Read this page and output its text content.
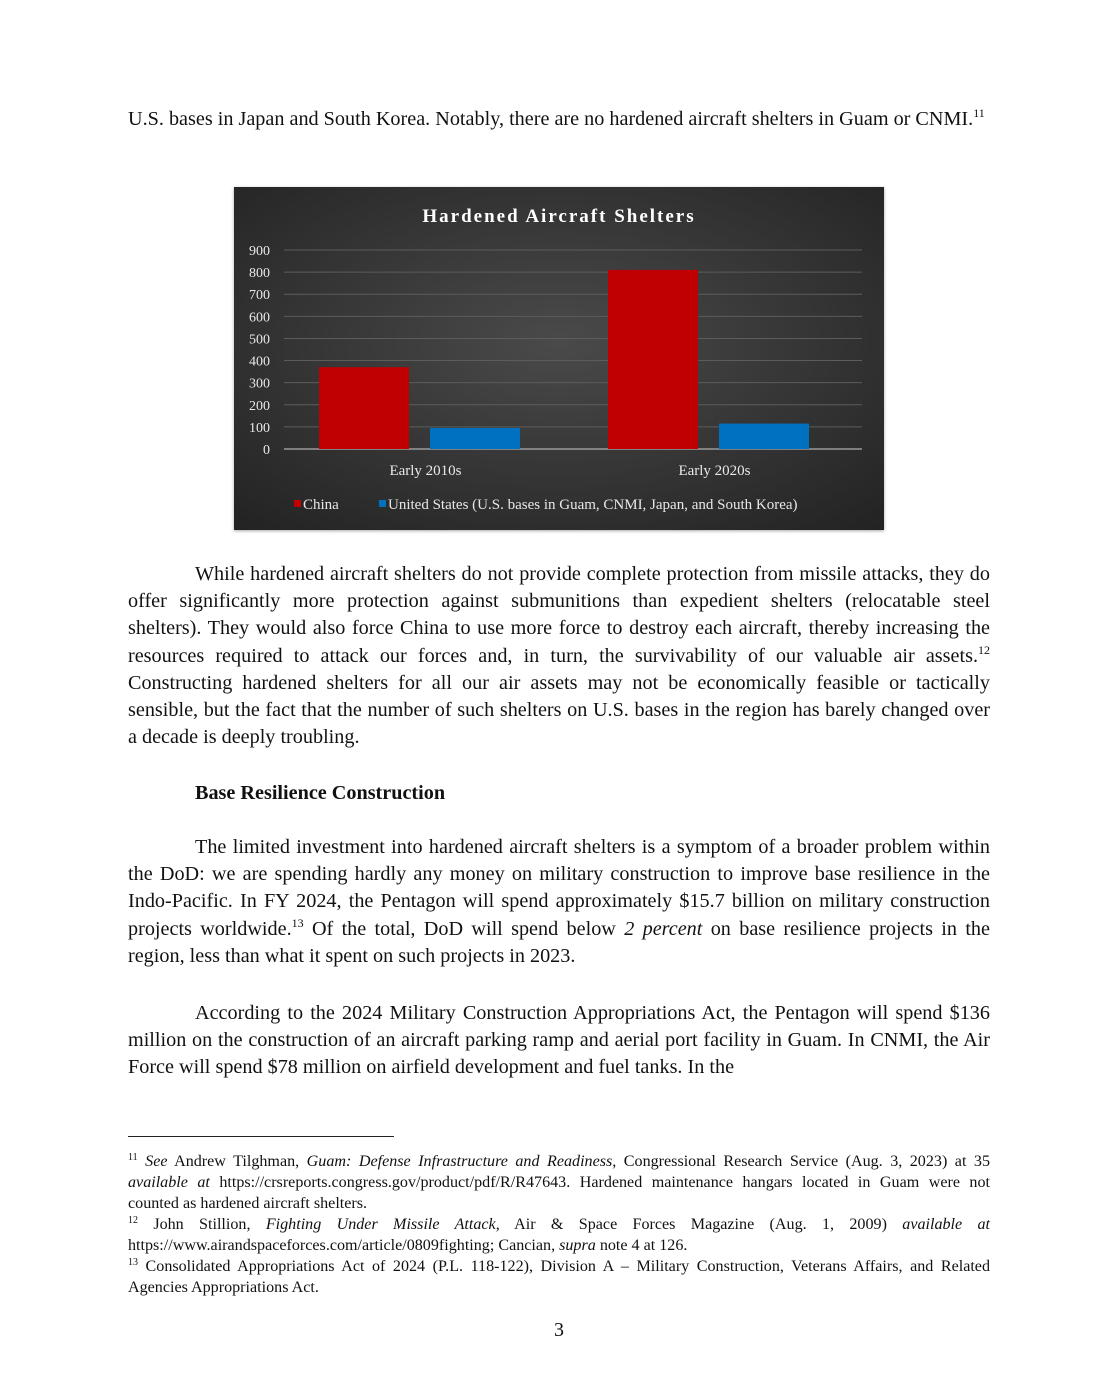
U.S. bases in Japan and South Korea. Notably, there are no hardened aircraft shelters in Guam or CNMI.$^{11}$

Hardened Aircraft Shelters
0
100
200
300
400
500
600
700
800
900
Early 2010s	Early 2020s
China	United States (U.S. bases in Guam, CNMI, Japan, and South Korea)

While hardened aircraft shelters do not provide complete protection from missile attacks, they do offer significantly more protection against submunitions than expedient shelters (relocatable steel shelters). They would also force China to use more force to destroy each aircraft, thereby increasing the resources required to attack our forces and, in turn, the survivability of our valuable air assets.$^{12}$ Constructing hardened shelters for all our air assets may not be economically feasible or tactically sensible, but the fact that the number of such shelters on U.S. bases in the region has barely changed over a decade is deeply troubling.

Base Resilience Construction

The limited investment into hardened aircraft shelters is a symptom of a broader problem within the DoD: we are spending hardly any money on military construction to improve base resilience in the Indo-Pacific. In FY 2024, the Pentagon will spend approximately $15.7 billion on military construction projects worldwide.$^{13}$ Of the total, DoD will spend below 2 percent on base resilience projects in the region, less than what it spent on such projects in 2023.

According to the 2024 Military Construction Appropriations Act, the Pentagon will spend $136 million on the construction of an aircraft parking ramp and aerial port facility in Guam. In CNMI, the Air Force will spend $78 million on airfield development and fuel tanks. In the

$^{11}$ See Andrew Tilghman, Guam: Defense Infrastructure and Readiness, Congressional Research Service (Aug. 3, 2023) at 35 available at https://crsreports.congress.gov/product/pdf/R/R47643. Hardened maintenance hangars located in Guam were not counted as hardened aircraft shelters.

$^{12}$ John Stillion, Fighting Under Missile Attack, Air & Space Forces Magazine (Aug. 1, 2009) available at https://www.airandspaceforces.com/article/0809fighting; Cancian, supra note 4 at 126.

$^{13}$ Consolidated Appropriations Act of 2024 (P.L. 118-122), Division A – Military Construction, Veterans Affairs, and Related Agencies Appropriations Act.

3
